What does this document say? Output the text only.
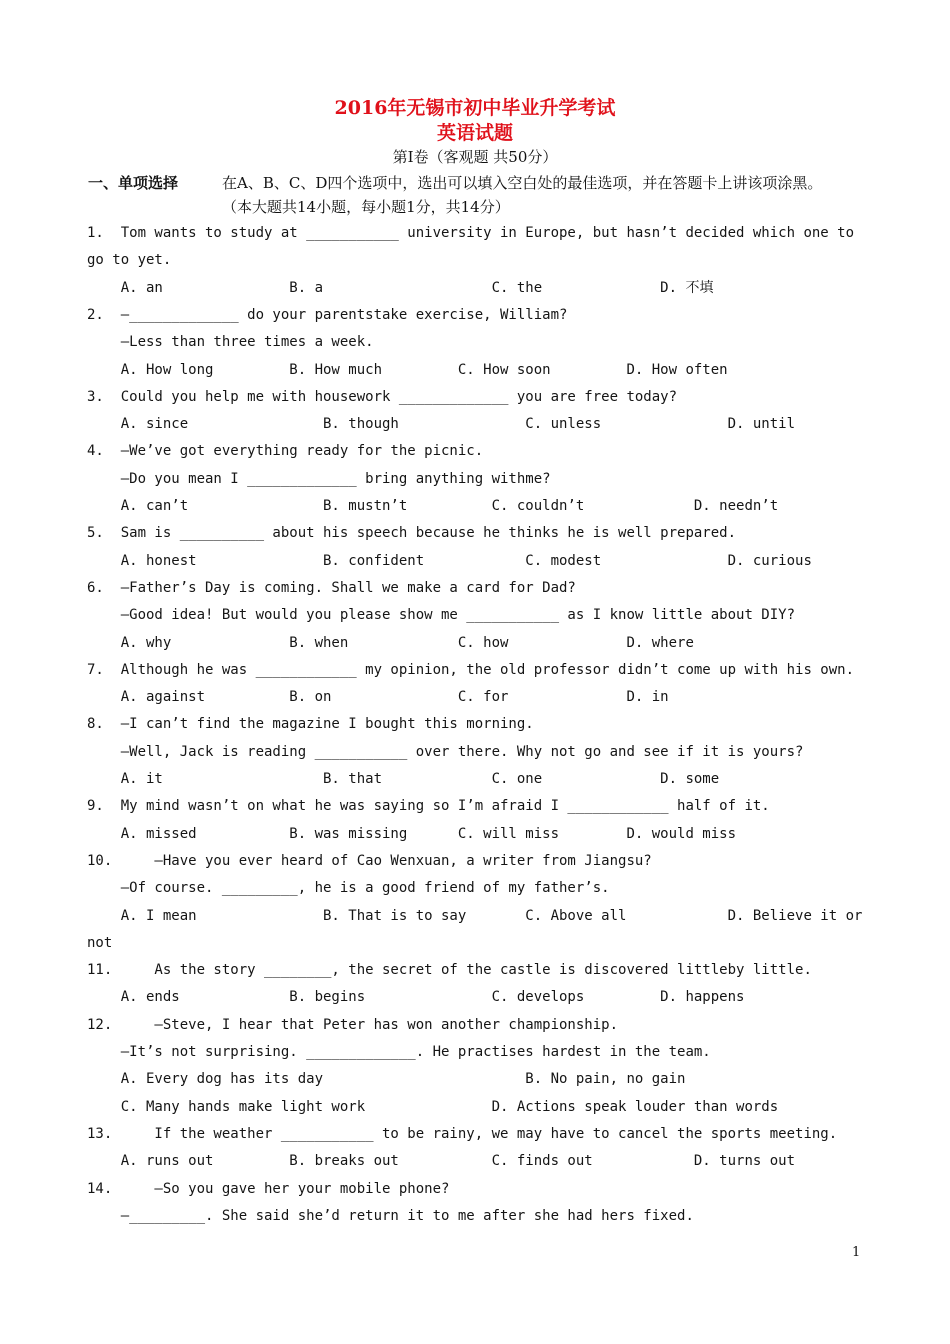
2016年无锡市初中毕业升学考试
英语试题
第I卷（客观题 共50分）
一、单项选择	在A、B、C、D四个选项中，选出可以填入空白处的最佳选项，并在答题卡上讲该项涂黑。
（本大题共14小题，每小题1分，共14分）
1.  Tom wants to study at ___________ university in Europe, but hasn’t decided which one to
go to yet.
A. an               B. a                    C. the              D. 不填
2.  —_____________ do your parentstake exercise, William?
—Less than three times a week.
A. How long         B. How much         C. How soon         D. How often
3.  Could you help me with housework _____________ you are free today?
A. since                B. though               C. unless               D. until
4.  —We’ve got everything ready for the picnic.
—Do you mean I _____________ bring anything withme?
A. can’t                B. mustn’t          C. couldn’t             D. needn’t
5.  Sam is __________ about his speech because he thinks he is well prepared.
A. honest               B. confident            C. modest               D. curious
6.  —Father’s Day is coming. Shall we make a card for Dad?
—Good idea! But would you please show me ___________ as I know little about DIY?
A. why              B. when             C. how              D. where
7.  Although he was ____________ my opinion, the old professor didn’t come up with his own.
A. against          B. on               C. for              D. in
8.  —I can’t find the magazine I bought this morning.
—Well, Jack is reading ___________ over there. Why not go and see if it is yours?
A. it                   B. that             C. one              D. some
9.  My mind wasn’t on what he was saying so I’m afraid I ____________ half of it.
A. missed           B. was missing      C. will miss        D. would miss
10.     —Have you ever heard of Cao Wenxuan, a writer from Jiangsu?
—Of course. _________, he is a good friend of my father’s.
A. I mean               B. That is to say       C. Above all            D. Believe it or
not
11.     As the story ________, the secret of the castle is discovered littleby little.
A. ends             B. begins               C. develops         D. happens
12.     —Steve, I hear that Peter has won another championship.
—It’s not surprising. _____________. He practises hardest in the team.
A. Every dog has its day                        B. No pain, no gain
C. Many hands make light work               D. Actions speak louder than words
13.     If the weather ___________ to be rainy, we may have to cancel the sports meeting.
A. runs out         B. breaks out           C. finds out            D. turns out
14.     —So you gave her your mobile phone?
—_________. She said she’d return it to me after she had hers fixed.
1
